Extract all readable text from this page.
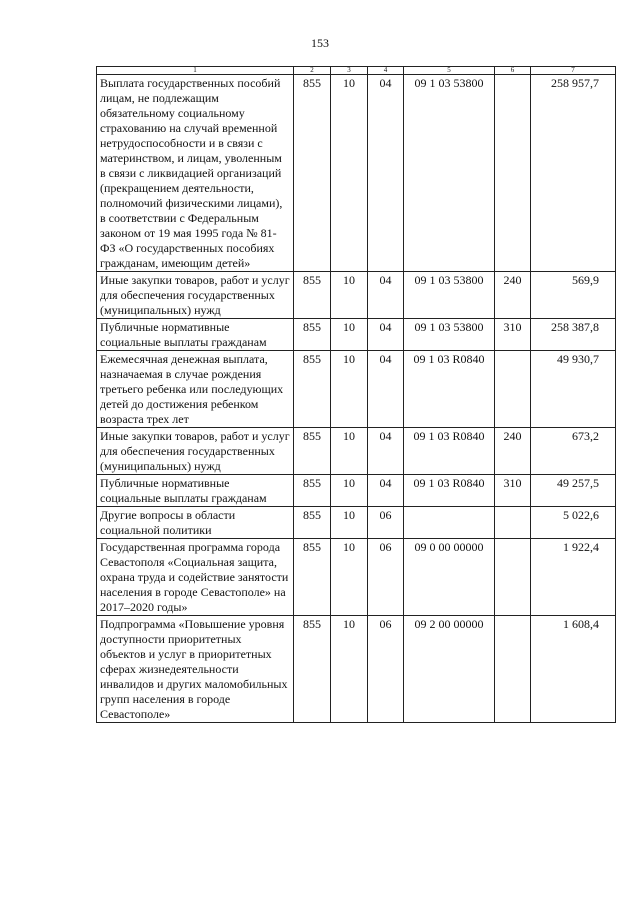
153
1	2	3	4	5	6	7
Выплата государственных пособий лицам, не подлежащим обязательному социальному страхованию на случай временной нетрудоспособности и в связи с материнством, и лицам, уволенным в связи с ликвидацией организаций (прекращением деятельности, полномочий физическими лицами), в соответствии с Федеральным законом от 19 мая 1995 года № 81-ФЗ «О государственных пособиях гражданам, имеющим детей»	855	10	04	09 1 03 53800		258 957,7
Иные закупки товаров, работ и услуг для обеспечения государственных (муниципальных) нужд	855	10	04	09 1 03 53800	240	569,9
Публичные нормативные социальные выплаты гражданам	855	10	04	09 1 03 53800	310	258 387,8
Ежемесячная денежная выплата, назначаемая в случае рождения третьего ребенка или последующих детей до достижения ребенком возраста трех лет	855	10	04	09 1 03 R0840		49 930,7
Иные закупки товаров, работ и услуг для обеспечения государственных (муниципальных) нужд	855	10	04	09 1 03 R0840	240	673,2
Публичные нормативные социальные выплаты гражданам	855	10	04	09 1 03 R0840	310	49 257,5
Другие вопросы в области социальной политики	855	10	06			5 022,6
Государственная программа города Севастополя «Социальная защита, охрана труда и содействие занятости населения в городе Севастополе» на 2017–2020 годы»	855	10	06	09 0 00 00000		1 922,4
Подпрограмма «Повышение уровня доступности приоритетных объектов и услуг в приоритетных сферах жизнедеятельности инвалидов и других маломобильных групп населения в городе Севастополе»	855	10	06	09 2 00 00000		1 608,4
